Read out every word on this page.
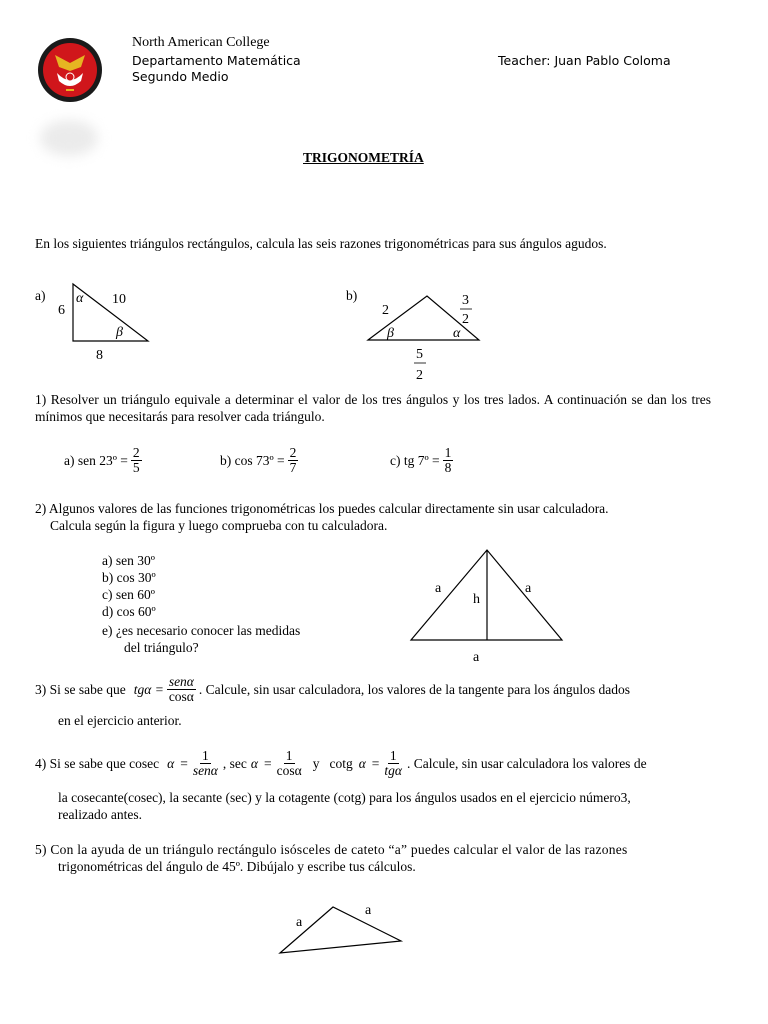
North American College
Departamento Matemática
Segundo Medio
Teacher: Juan Pablo Coloma
TRIGONOMETRÍA
En los siguientes triángulos rectángulos, calcula las seis razones trigonométricas para sus ángulos agudos.
a)
6
10
8
α
β
b)
2
3
2
β	α
5
2
1) Resolver un triángulo equivale a determinar el valor de los tres ángulos y los tres lados. A continuación se dan los tres mínimos que necesitarás para resolver cada triángulo.
a) sen 23º = $\frac{2}{5}$	b) cos 73º = $\frac{2}{7}$	c) tg 7º = $\frac{1}{8}$
2) Algunos valores de las funciones trigonométricas los puedes calcular directamente sin usar calculadora.
Calcula según la figura y luego comprueba con tu calculadora.
a) sen 30º
b) cos 30º
c) sen 60º
d) cos 60º
e) ¿es necesario conocer las medidas
del triángulo?
a	a
h
a
3) Si se sabe que $tg\alpha = \frac{\text{senα}}{\cos\alpha}$ . Calcule, sin usar calculadora, los valores de la tangente para los ángulos dados
en el ejercicio anterior.
4) Si se sabe que cosec $\alpha = \frac{1}{\text{senα}}$ , $\sec \alpha = \frac{1}{\cos\alpha}$ y cotg $\alpha = \frac{1}{\text{tgα}}$ . Calcule, sin usar calculadora los valores de
la cosecante(cosec), la secante (sec) y la cotagente (cotg) para los ángulos usados en el ejercicio número3,
realizado antes.
5) Con la ayuda de un triángulo rectángulo isósceles de cateto “a” puedes calcular el valor de las razones
trigonométricas del ángulo de 45º. Dibújalo y escribe tus cálculos.
a
a
